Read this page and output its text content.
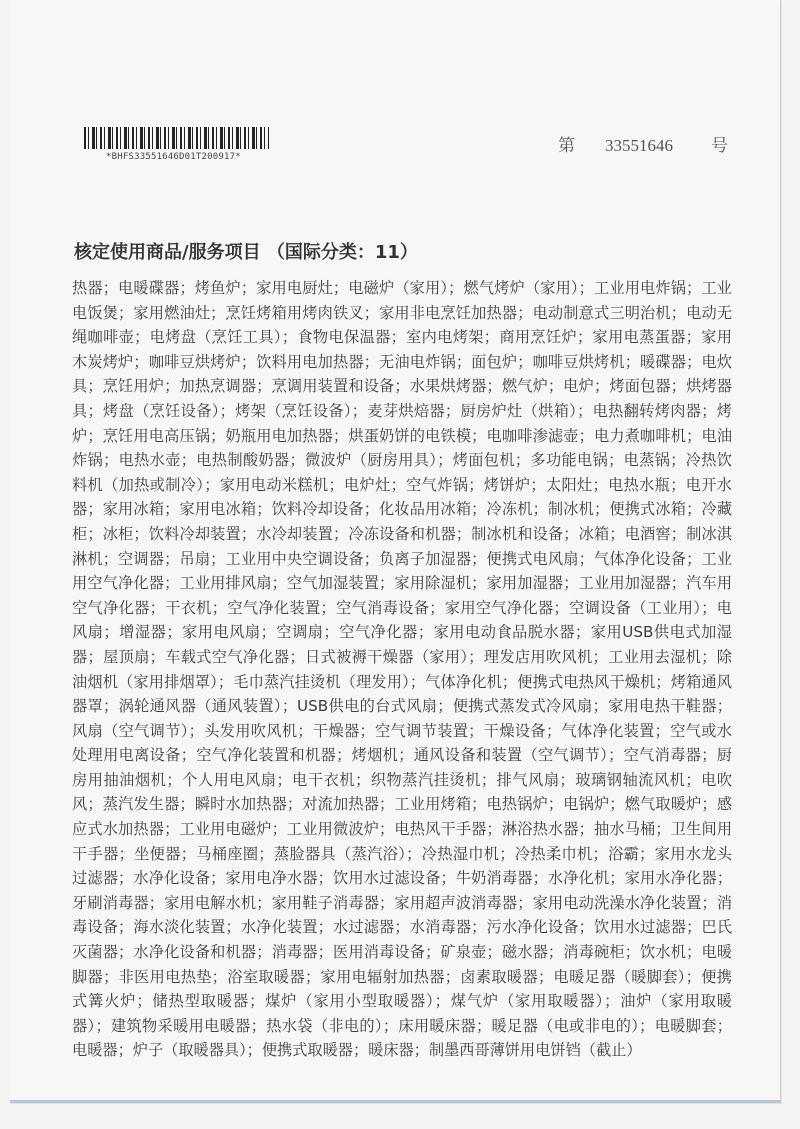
*BHFS33551646D01T200917*
第 33551646 号
核定使用商品/服务项目 （国际分类：11）

热器；电暖碟器；烤鱼炉；家用电厨灶；电磁炉（家用）；燃气烤炉（家用）；工业用电炸锅；工业电饭煲；家用燃油灶；烹饪烤箱用烤肉铁叉；家用非电烹饪加热器；电动制意式三明治机；电动无绳咖啡壶；电烤盘（烹饪工具）；食物电保温器；室内电烤架；商用烹饪炉；家用电蒸蛋器；家用木炭烤炉；咖啡豆烘烤炉；饮料用电加热器；无油电炸锅；面包炉；咖啡豆烘烤机；暖碟器；电炊具；烹饪用炉；加热烹调器；烹调用装置和设备；水果烘烤器；燃气炉；电炉；烤面包器；烘烤器具；烤盘（烹饪设备）；烤架（烹饪设备）；麦芽烘焙器；厨房炉灶（烘箱）；电热翻转烤肉器；烤炉；烹饪用电高压锅；奶瓶用电加热器；烘蛋奶饼的电铁模；电咖啡渗滤壶；电力煮咖啡机；电油炸锅；电热水壶；电热制酸奶器；微波炉（厨房用具）；烤面包机；多功能电锅；电蒸锅；冷热饮料机（加热或制冷）；家用电动米糕机；电炉灶；空气炸锅；烤饼炉；太阳灶；电热水瓶；电开水器；家用冰箱；家用电冰箱；饮料冷却设备；化妆品用冰箱；冷冻机；制冰机；便携式冰箱；冷藏柜；冰柜；饮料冷却装置；水冷却装置；冷冻设备和机器；制冰机和设备；冰箱；电酒窖；制冰淇淋机；空调器；吊扇；工业用中央空调设备；负离子加湿器；便携式电风扇；气体净化设备；工业用空气净化器；工业用排风扇；空气加湿装置；家用除湿机；家用加湿器；工业用加湿器；汽车用空气净化器；干衣机；空气净化装置；空气消毒设备；家用空气净化器；空调设备（工业用）；电风扇；增湿器；家用电风扇；空调扇；空气净化器；家用电动食品脱水器；家用USB供电式加湿器；屋顶扇；车载式空气净化器；日式被褥干燥器（家用）；理发店用吹风机；工业用去湿机；除油烟机（家用排烟罩）；毛巾蒸汽挂烫机（理发用）；气体净化机；便携式电热风干燥机；烤箱通风器罩；涡轮通风器（通风装置）；USB供电的台式风扇；便携式蒸发式冷风扇；家用电热干鞋器；风扇（空气调节）；头发用吹风机；干燥器；空气调节装置；干燥设备；气体净化装置；空气或水处理用电离设备；空气净化装置和机器；烤烟机；通风设备和装置（空气调节）；空气消毒器；厨房用抽油烟机；个人用电风扇；电干衣机；织物蒸汽挂烫机；排气风扇；玻璃钢轴流风机；电吹风；蒸汽发生器；瞬时水加热器；对流加热器；工业用烤箱；电热锅炉；电锅炉；燃气取暖炉；感应式水加热器；工业用电磁炉；工业用微波炉；电热风干手器；淋浴热水器；抽水马桶；卫生间用干手器；坐便器；马桶座圈；蒸脸器具（蒸汽浴）；冷热湿巾机；冷热柔巾机；浴霸；家用水龙头过滤器；水净化设备；家用电净水器；饮用水过滤设备；牛奶消毒器；水净化机；家用水净化器；牙刷消毒器；家用电解水机；家用鞋子消毒器；家用超声波消毒器；家用电动洗澡水净化装置；消毒设备；海水淡化装置；水净化装置；水过滤器；水消毒器；污水净化设备；饮用水过滤器；巴氏灭菌器；水净化设备和机器；消毒器；医用消毒设备；矿泉壶；磁水器；消毒碗柜；饮水机；电暖脚器；非医用电热垫；浴室取暖器；家用电辐射加热器；卤素取暖器；电暖足器（暖脚套）；便携式篝火炉；储热型取暖器；煤炉（家用小型取暖器）；煤气炉（家用取暖器）；油炉（家用取暖器）；建筑物采暖用电暖器；热水袋（非电的）；床用暖床器；暖足器（电或非电的）；电暖脚套；电暖器；炉子（取暖器具）；便携式取暖器；暖床器；制墨西哥薄饼用电饼铛（截止）
